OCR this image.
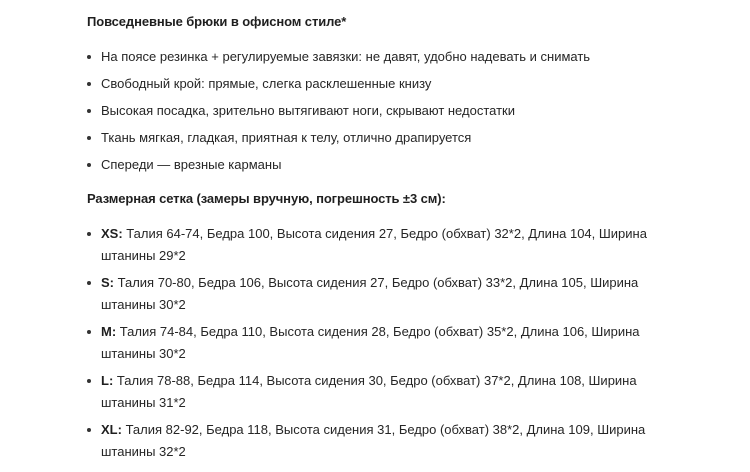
Повседневные брюки в офисном стиле*
На поясе резинка + регулируемые завязки: не давят, удобно надевать и снимать
Свободный крой: прямые, слегка расклешенные книзу
Высокая посадка, зрительно вытягивают ноги, скрывают недостатки
Ткань мягкая, гладкая, приятная к телу, отлично драпируется
Спереди — врезные карманы
Размерная сетка (замеры вручную, погрешность ±3 см):
XS: Талия 64-74, Бедра 100, Высота сидения 27, Бедро (обхват) 32*2, Длина 104, Ширина штанины 29*2
S: Талия 70-80, Бедра 106, Высота сидения 27, Бедро (обхват) 33*2, Длина 105, Ширина штанины 30*2
M: Талия 74-84, Бедра 110, Высота сидения 28, Бедро (обхват) 35*2, Длина 106, Ширина штанины 30*2
L: Талия 78-88, Бедра 114, Высота сидения 30, Бедро (обхват) 37*2, Длина 108, Ширина штанины 31*2
XL: Талия 82-92, Бедра 118, Высота сидения 31, Бедро (обхват) 38*2, Длина 109, Ширина штанины 32*2
